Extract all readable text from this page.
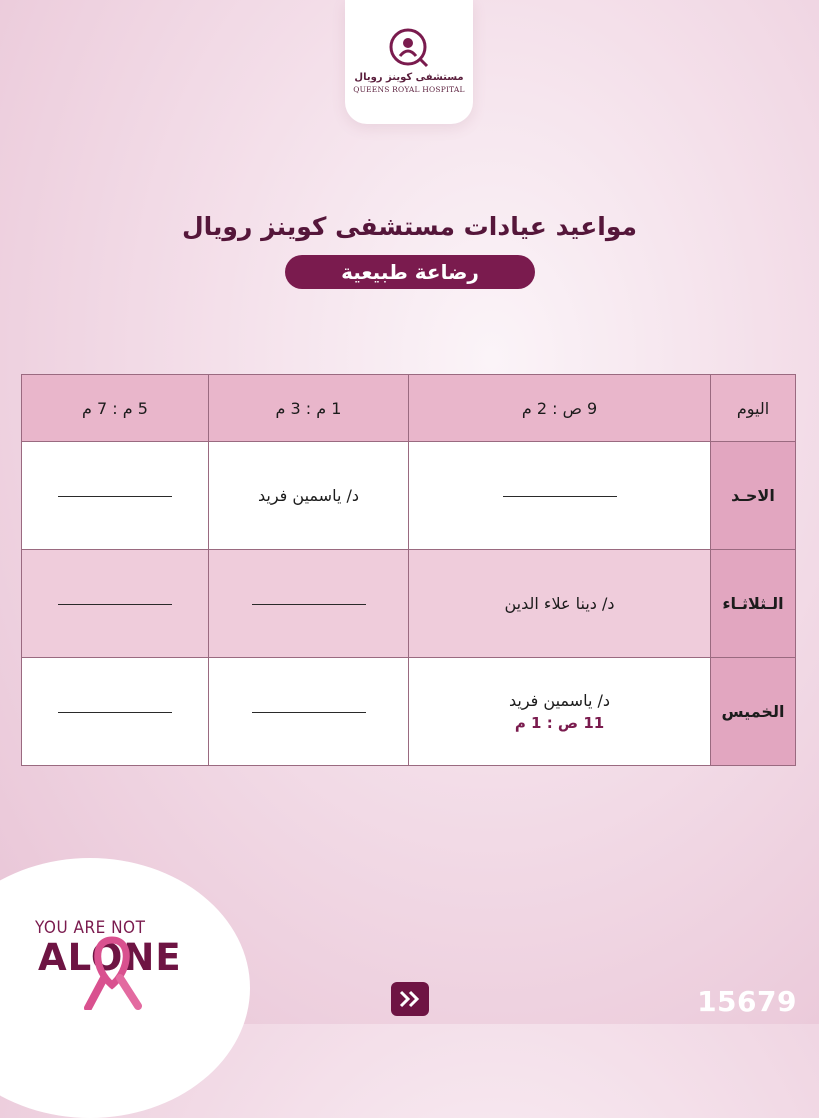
مستشفى كوينز رويال
QUEENS ROYAL HOSPITAL
مواعيد عيادات مستشفى كوينز رويال
رضاعة طبيعية
اليوم	9 ص : 2 م	1 م : 3 م	5 م : 7 م
الاحـد		د/ ياسمين فريد	
الـثلاثـاء	د/ دينا علاء الدين		
الخميس	د/ ياسمين فريد
11 ص : 1 م		

YOU ARE NOT
ALONE
15679
